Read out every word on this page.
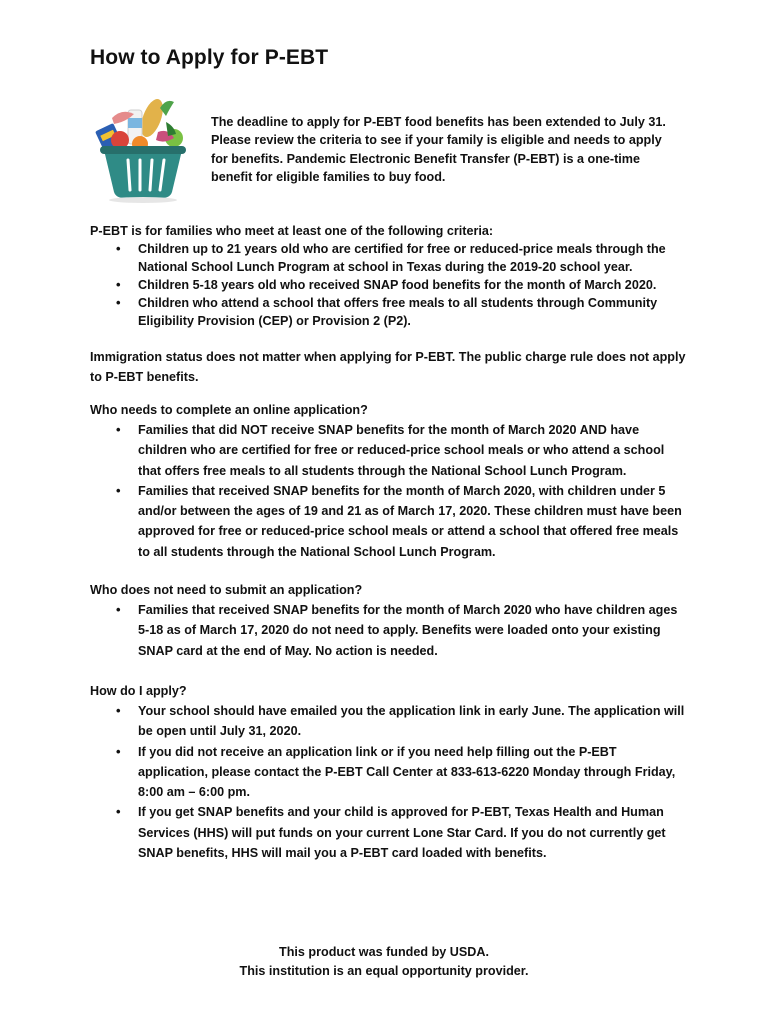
How to Apply for P-EBT

The deadline to apply for P-EBT food benefits has been extended to July 31. Please review the criteria to see if your family is eligible and needs to apply for benefits. Pandemic Electronic Benefit Transfer (P-EBT) is a one-time benefit for eligible families to buy food.

P-EBT is for families who meet at least one of the following criteria:

• Children up to 21 years old who are certified for free or reduced-price meals through the National School Lunch Program at school in Texas during the 2019-20 school year.
• Children 5-18 years old who received SNAP food benefits for the month of March 2020.
• Children who attend a school that offers free meals to all students through Community Eligibility Provision (CEP) or Provision 2 (P2).

Immigration status does not matter when applying for P-EBT. The public charge rule does not apply to P-EBT benefits.

Who needs to complete an online application?

• Families that did NOT receive SNAP benefits for the month of March 2020 AND have children who are certified for free or reduced-price school meals or who attend a school that offers free meals to all students through the National School Lunch Program.
• Families that received SNAP benefits for the month of March 2020, with children under 5 and/or between the ages of 19 and 21 as of March 17, 2020. These children must have been approved for free or reduced-price school meals or attend a school that offered free meals to all students through the National School Lunch Program.

Who does not need to submit an application?

• Families that received SNAP benefits for the month of March 2020 who have children ages 5-18 as of March 17, 2020 do not need to apply. Benefits were loaded onto your existing SNAP card at the end of May. No action is needed.

How do I apply?

• Your school should have emailed you the application link in early June. The application will be open until July 31, 2020.
• If you did not receive an application link or if you need help filling out the P-EBT application, please contact the P-EBT Call Center at 833-613-6220 Monday through Friday, 8:00 am – 6:00 pm.
• If you get SNAP benefits and your child is approved for P-EBT, Texas Health and Human Services (HHS) will put funds on your current Lone Star Card. If you do not currently get SNAP benefits, HHS will mail you a P-EBT card loaded with benefits.
This product was funded by USDA.
This institution is an equal opportunity provider.
